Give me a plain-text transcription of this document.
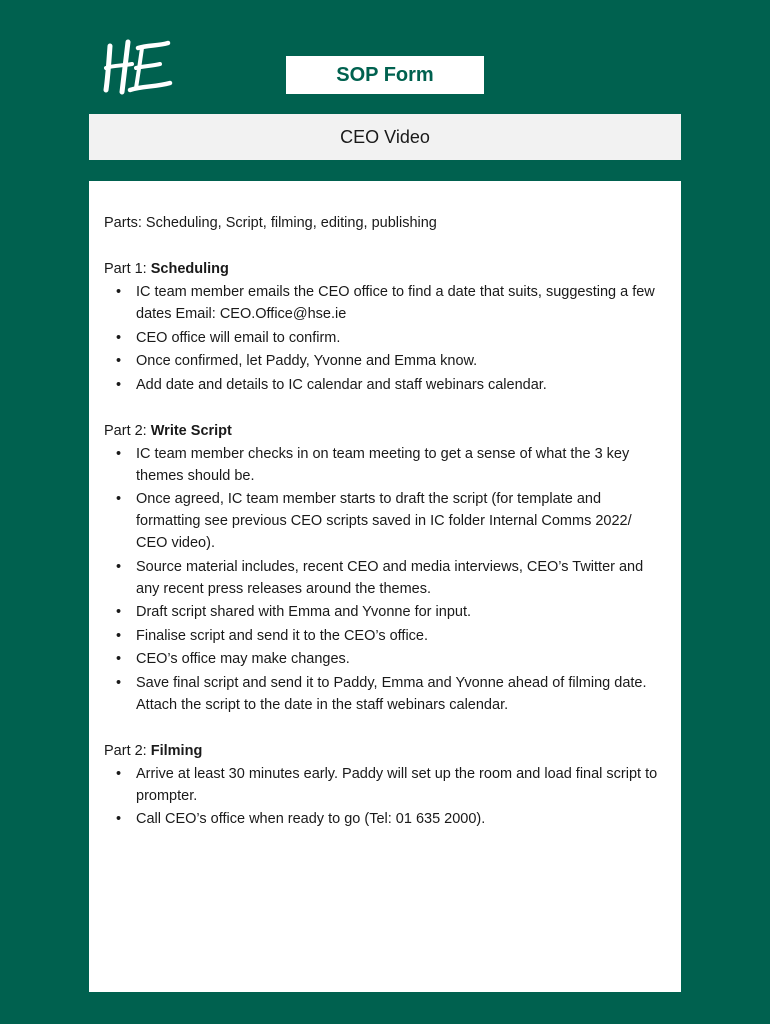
SOP Form
CEO Video

Parts: Scheduling, Script, filming, editing, publishing

Part 1: Scheduling

• IC team member emails the CEO office to find a date that suits, suggesting a few dates Email: CEO.Office@hse.ie
• CEO office will email to confirm.
• Once confirmed, let Paddy, Yvonne and Emma know.
• Add date and details to IC calendar and staff webinars calendar.

Part 2: Write Script

• IC team member checks in on team meeting to get a sense of what the 3 key themes should be.
• Once agreed, IC team member starts to draft the script (for template and formatting see previous CEO scripts saved in IC folder Internal Comms 2022/ CEO video).
• Source material includes, recent CEO and media interviews, CEO’s Twitter and any recent press releases around the themes.
• Draft script shared with Emma and Yvonne for input.
• Finalise script and send it to the CEO’s office.
• CEO’s office may make changes.
• Save final script and send it to Paddy, Emma and Yvonne ahead of filming date. Attach the script to the date in the staff webinars calendar.

Part 2: Filming

• Arrive at least 30 minutes early. Paddy will set up the room and load final script to prompter.
• Call CEO’s office when ready to go (Tel: 01 635 2000).
